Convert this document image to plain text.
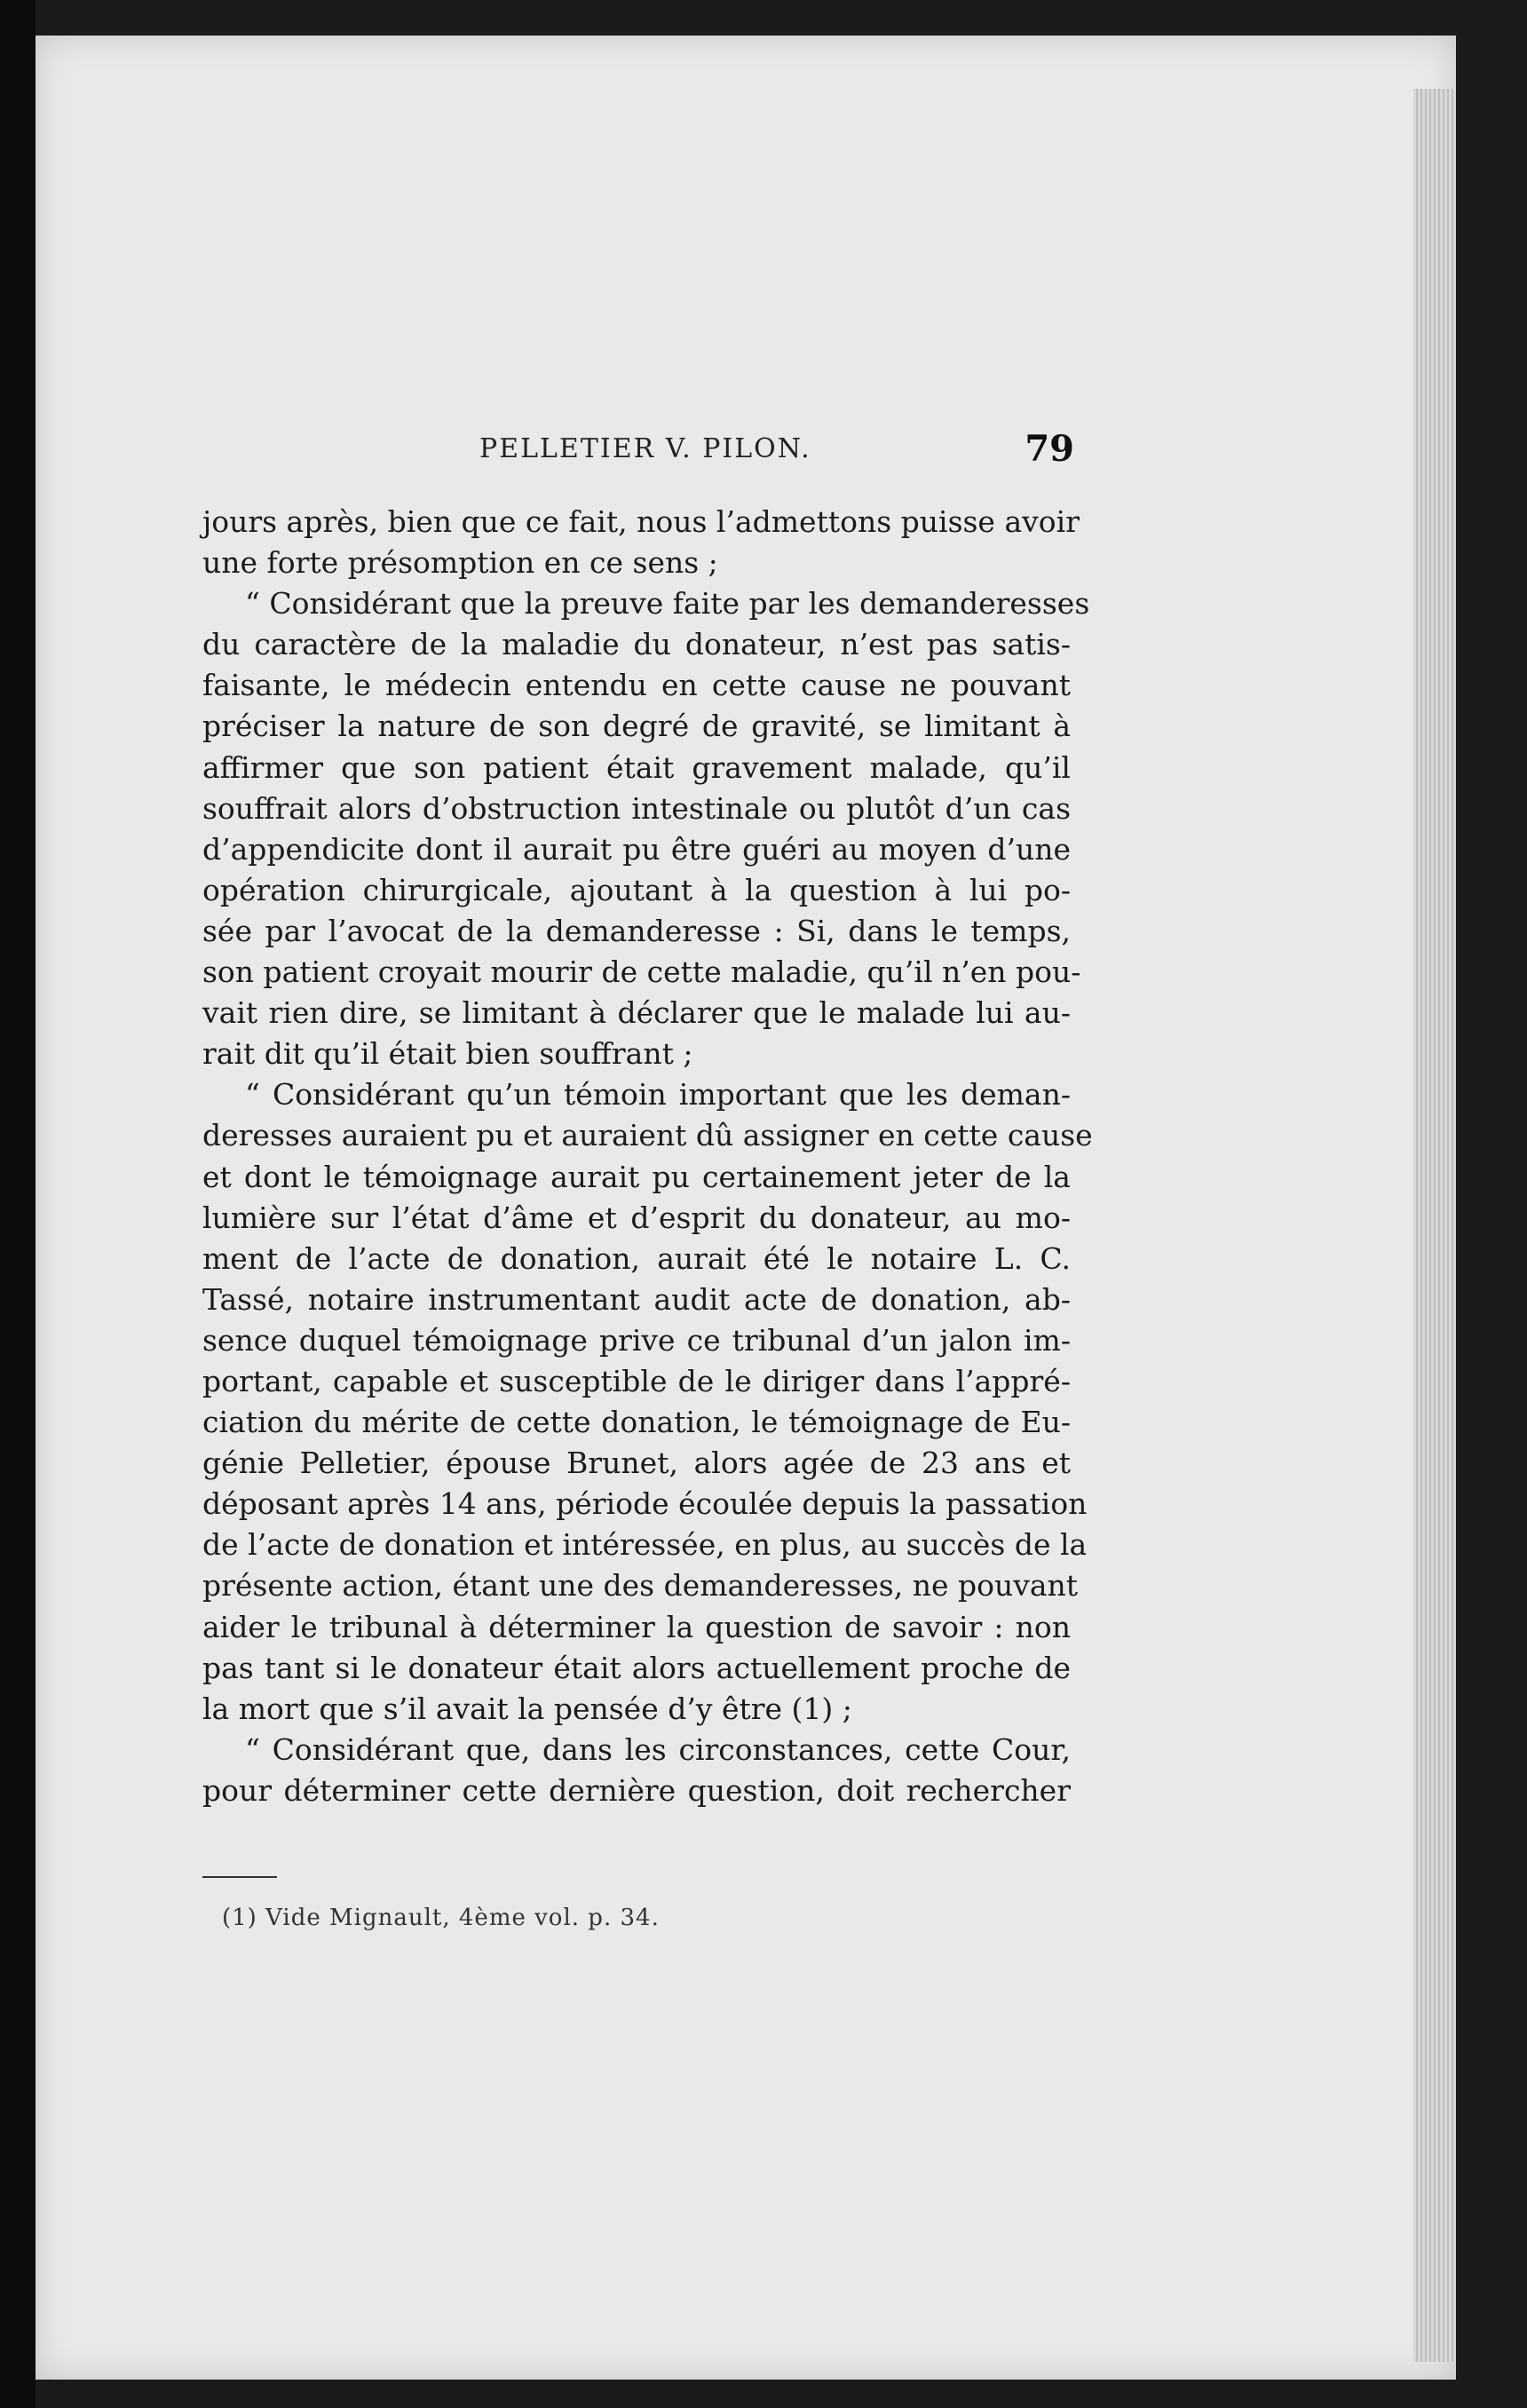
PELLETIER V. PILON.	79
jours après, bien que ce fait, nous l’admettons puisse avoir
une forte présomption en ce sens ;
“ Considérant que la preuve faite par les demanderesses
du caractère de la maladie du donateur, n’est pas satis-
faisante, le médecin entendu en cette cause ne pouvant
préciser la nature de son degré de gravité, se limitant à
affirmer que son patient était gravement malade, qu’il
souffrait alors d’obstruction intestinale ou plutôt d’un cas
d’appendicite dont il aurait pu être guéri au moyen d’une
opération chirurgicale, ajoutant à la question à lui po-
sée par l’avocat de la demanderesse : Si, dans le temps,
son patient croyait mourir de cette maladie, qu’il n’en pou-
vait rien dire, se limitant à déclarer que le malade lui au-
rait dit qu’il était bien souffrant ;
“ Considérant qu’un témoin important que les deman-
deresses auraient pu et auraient dû assigner en cette cause
et dont le témoignage aurait pu certainement jeter de la
lumière sur l’état d’âme et d’esprit du donateur, au mo-
ment de l’acte de donation, aurait été le notaire L. C.
Tassé, notaire instrumentant audit acte de donation, ab-
sence duquel témoignage prive ce tribunal d’un jalon im-
portant, capable et susceptible de le diriger dans l’appré-
ciation du mérite de cette donation, le témoignage de Eu-
génie Pelletier, épouse Brunet, alors agée de 23 ans et
déposant après 14 ans, période écoulée depuis la passation
de l’acte de donation et intéressée, en plus, au succès de la
présente action, étant une des demanderesses, ne pouvant
aider le tribunal à déterminer la question de savoir : non
pas tant si le donateur était alors actuellement proche de
la mort que s’il avait la pensée d’y être (1) ;
“ Considérant que, dans les circonstances, cette Cour,
pour déterminer cette dernière question, doit rechercher
(1) Vide Mignault, 4ème vol. p. 34.
